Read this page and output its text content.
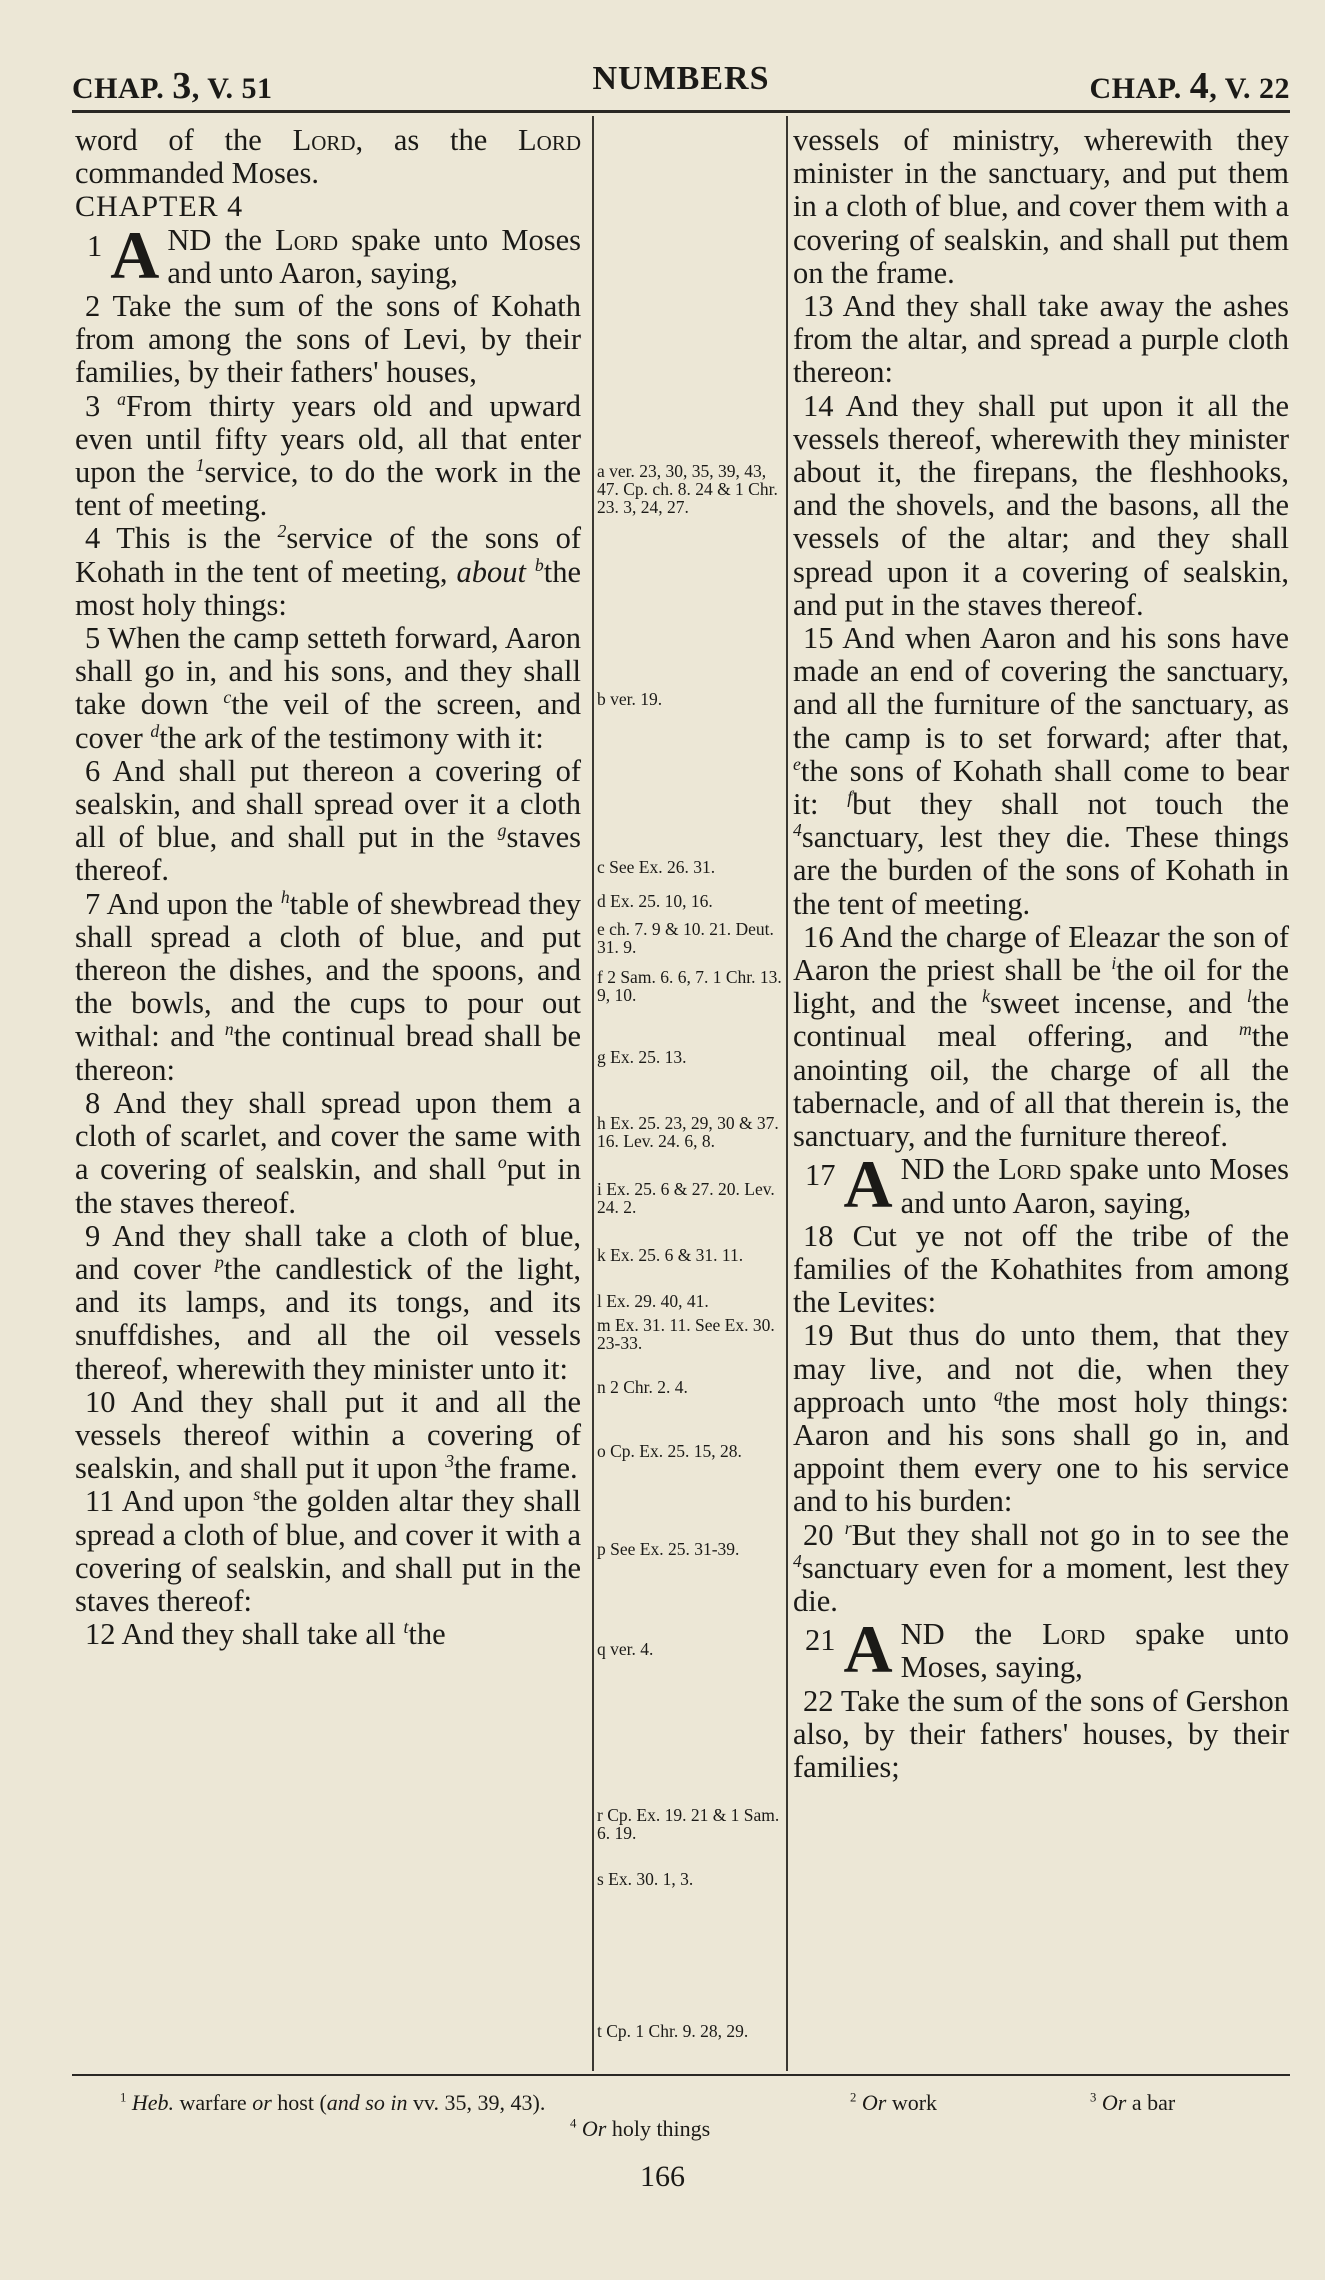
CHAP. 3, V. 51	NUMBERS	CHAP. 4, V. 22

word of the Lord, as the Lord commanded Moses.

CHAPTER 4

1 A ND the Lord spake unto Moses and unto Aaron, saying,

2 Take the sum of the sons of Kohath from among the sons of Levi, by their families, by their fathers' houses,

3 $^a$From thirty years old and upward even until fifty years old, all that enter upon the $^1$service, to do the work in the tent of meeting.

4 This is the $^2$service of the sons of Kohath in the tent of meeting, about $^b$the most holy things:

5 When the camp setteth forward, Aaron shall go in, and his sons, and they shall take down $^c$the veil of the screen, and cover $^d$the ark of the testimony with it:

6 And shall put thereon a covering of sealskin, and shall spread over it a cloth all of blue, and shall put in the $^g$staves thereof.

7 And upon the $^h$table of shewbread they shall spread a cloth of blue, and put thereon the dishes, and the spoons, and the bowls, and the cups to pour out withal: and $^n$the continual bread shall be thereon:

8 And they shall spread upon them a cloth of scarlet, and cover the same with a covering of sealskin, and shall $^o$put in the staves thereof.

9 And they shall take a cloth of blue, and cover $^p$the candlestick of the light, and its lamps, and its tongs, and its snuffdishes, and all the oil vessels thereof, wherewith they minister unto it:

10 And they shall put it and all the vessels thereof within a covering of sealskin, and shall put it upon $^3$the frame.

11 And upon $^s$the golden altar they shall spread a cloth of blue, and cover it with a covering of sealskin, and shall put in the staves thereof:

12 And they shall take all $^t$the

a ver. 23, 30, 35, 39, 43, 47. Cp. ch. 8. 24 & 1 Chr. 23. 3, 24, 27.
b ver. 19.
c See Ex. 26. 31.
d Ex. 25. 10, 16.
e ch. 7. 9 & 10. 21. Deut. 31. 9.
f 2 Sam. 6. 6, 7. 1 Chr. 13. 9, 10.
g Ex. 25. 13.
h Ex. 25. 23, 29, 30 & 37. 16. Lev. 24. 6, 8.
i Ex. 25. 6 & 27. 20. Lev. 24. 2.
k Ex. 25. 6 & 31. 11.
l Ex. 29. 40, 41.
m Ex. 31. 11. See Ex. 30. 23-33.
n 2 Chr. 2. 4.
o Cp. Ex. 25. 15, 28.
p See Ex. 25. 31-39.
q ver. 4.
r Cp. Ex. 19. 21 & 1 Sam. 6. 19.
s Ex. 30. 1, 3.
t Cp. 1 Chr. 9. 28, 29.

vessels of ministry, wherewith they minister in the sanctuary, and put them in a cloth of blue, and cover them with a covering of sealskin, and shall put them on the frame.

13 And they shall take away the ashes from the altar, and spread a purple cloth thereon:

14 And they shall put upon it all the vessels thereof, wherewith they minister about it, the firepans, the fleshhooks, and the shovels, and the basons, all the vessels of the altar; and they shall spread upon it a covering of sealskin, and put in the staves thereof.

15 And when Aaron and his sons have made an end of covering the sanctuary, and all the furniture of the sanctuary, as the camp is to set forward; after that, $^e$the sons of Kohath shall come to bear it: $^f$but they shall not touch the $^4$sanctuary, lest they die. These things are the burden of the sons of Kohath in the tent of meeting.

16 And the charge of Eleazar the son of Aaron the priest shall be $^i$the oil for the light, and the $^k$sweet incense, and $^l$the continual meal offering, and $^m$the anointing oil, the charge of all the tabernacle, and of all that therein is, the sanctuary, and the furniture thereof.

17 A ND the Lord spake unto Moses and unto Aaron, saying,

18 Cut ye not off the tribe of the families of the Kohathites from among the Levites:

19 But thus do unto them, that they may live, and not die, when they approach unto $^q$the most holy things: Aaron and his sons shall go in, and appoint them every one to his service and to his burden:

20 $^r$But they shall not go in to see the $^4$sanctuary even for a moment, lest they die.

21 A ND the Lord spake unto Moses, saying,

22 Take the sum of the sons of Gershon also, by their fathers' houses, by their families;

$^1$ Heb. warfare or host (and so in vv. 35, 39, 43).	$^2$ Or work	$^3$ Or a bar
$^4$ Or holy things
166
